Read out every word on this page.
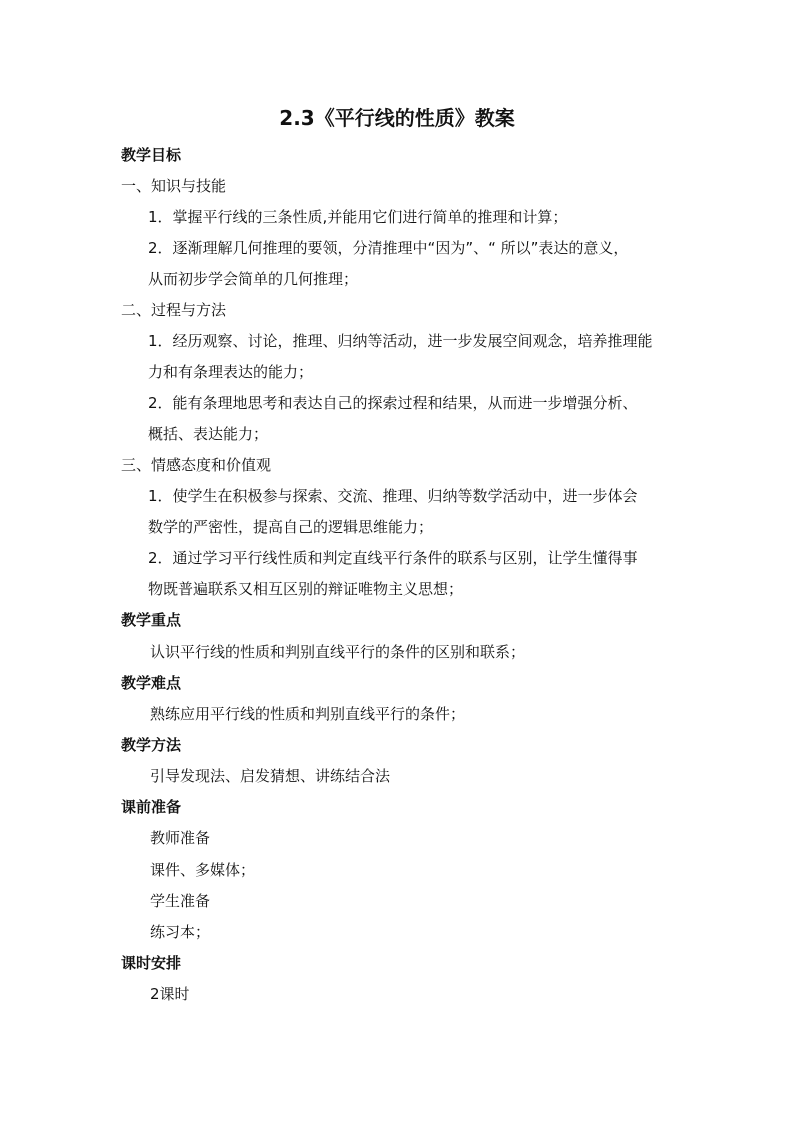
2.3《平行线的性质》教案
教学目标
一、知识与技能
1．掌握平行线的三条性质,并能用它们进行简单的推理和计算；
2．逐渐理解几何推理的要领，分清推理中“因为”、“ 所以”表达的意义，
从而初步学会简单的几何推理；
二、过程与方法
1．经历观察、讨论，推理、归纳等活动，进一步发展空间观念，培养推理能
力和有条理表达的能力；
2．能有条理地思考和表达自己的探索过程和结果，从而进一步增强分析、
概括、表达能力；
三、情感态度和价值观
1．使学生在积极参与探索、交流、推理、归纳等数学活动中，进一步体会
数学的严密性，提高自己的逻辑思维能力；
2．通过学习平行线性质和判定直线平行条件的联系与区别，让学生懂得事
物既普遍联系又相互区别的辩证唯物主义思想；
教学重点
认识平行线的性质和判别直线平行的条件的区别和联系；
教学难点
熟练应用平行线的性质和判别直线平行的条件；
教学方法
引导发现法、启发猜想、讲练结合法
课前准备
教师准备
课件、多媒体；
学生准备
练习本；
课时安排
2课时
